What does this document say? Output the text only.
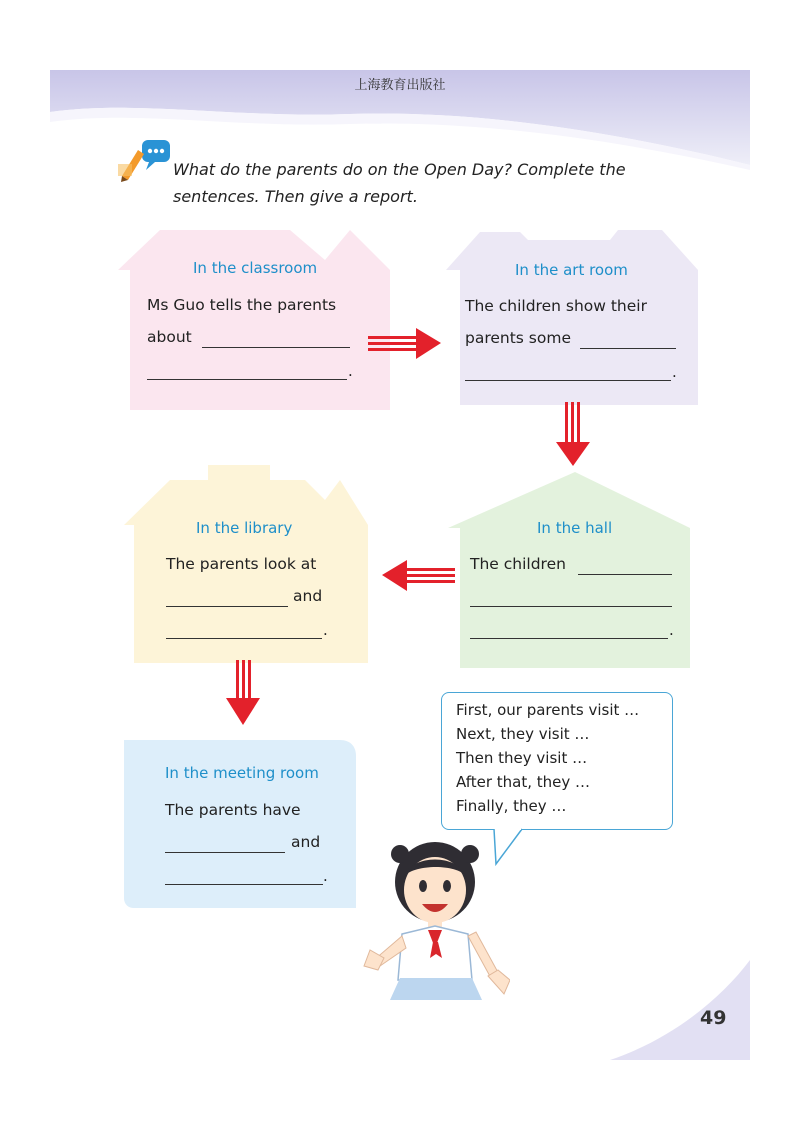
上海教育出版社
What do the parents do on the Open Day? Complete the
sentences. Then give a report.
In the classroom
Ms Guo tells the parents
about
.
In the art room
The children show their
parents some
.
In the hall
The children
.
In the library
The parents look at
and
.
In the meeting room
The parents have
and
.
First, our parents visit …
Next, they visit …
Then they visit …
After that, they …
Finally, they …
49
